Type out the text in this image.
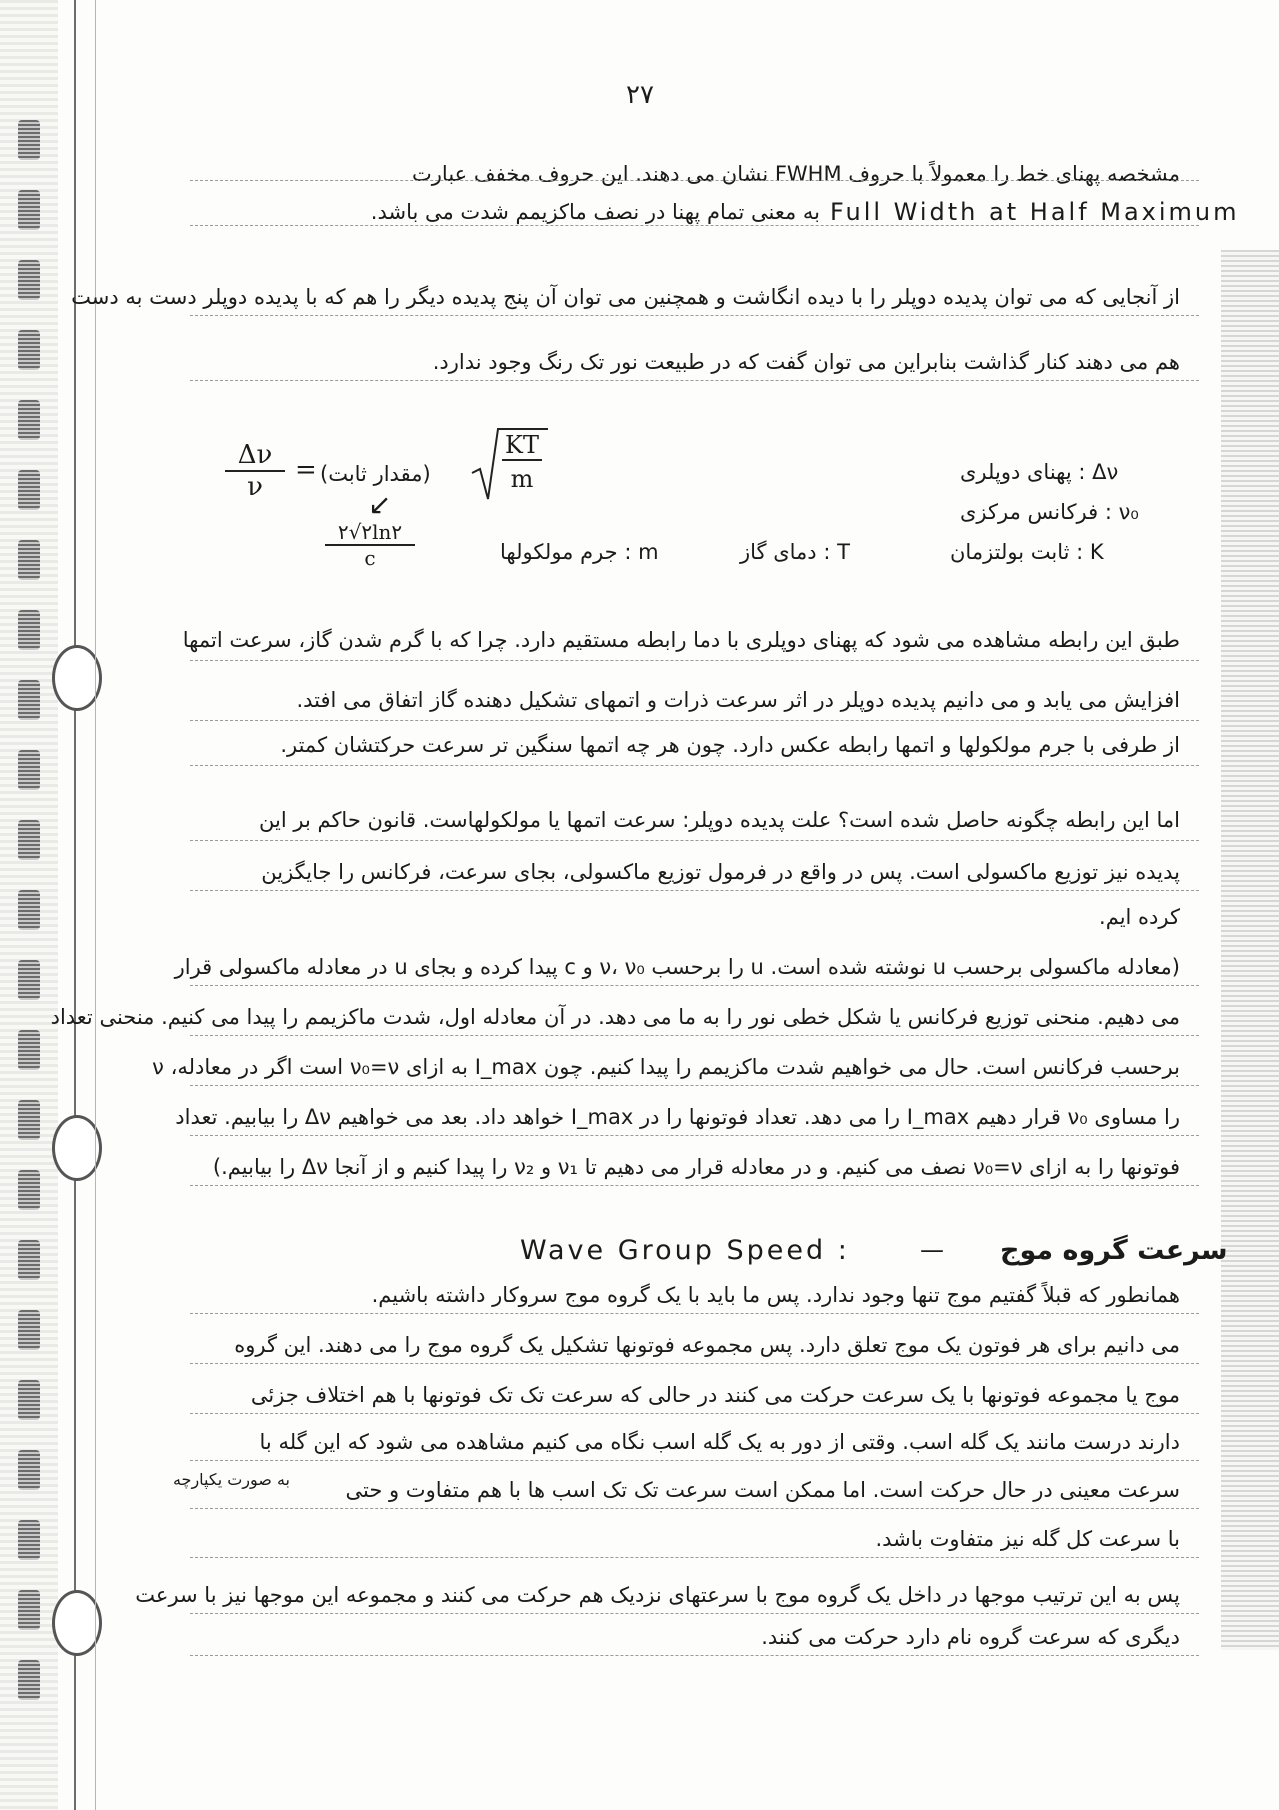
۲۷
مشخصه پهنای خط را معمولاً با حروف FWHM نشان می دهند. این حروف مخفف عبارت
Full Width at Half Maximum
به معنی تمام پهنا در نصف ماکزیمم شدت می باشد.
از آنجایی که می توان پدیده دوپلر را با دیده انگاشت و همچنین می توان آن پنج پدیده دیگر را هم که با پدیده دوپلر دست به دست
هم می دهند کنار گذاشت بنابراین می توان گفت که در طبیعت نور تک رنگ وجود ندارد.
$\frac{\Delta\nu}{\nu}$ = (مقدار ثابت) $\frac{KT}{m}$
↙
$\frac{۲√۲\ln ۲}{c}$
Δν : پهنای دوپلری
ν₀ : فرکانس مرکزی
K : ثابت بولتزمان
T : دمای گاز
m : جرم مولکولها
طبق این رابطه مشاهده می شود که پهنای دوپلری با دما رابطه مستقیم دارد. چرا که با گرم شدن گاز، سرعت اتمها
افزایش می یابد و می دانیم پدیده دوپلر در اثر سرعت ذرات و اتمهای تشکیل دهنده گاز اتفاق می افتد.
از طرفی با جرم مولکولها و اتمها رابطه عکس دارد. چون هر چه اتمها سنگین تر سرعت حرکتشان کمتر.
اما این رابطه چگونه حاصل شده است؟ علت پدیده دوپلر: سرعت اتمها یا مولکولهاست. قانون حاکم بر این
پدیده نیز توزیع ماکسولی است. پس در واقع در فرمول توزیع ماکسولی، بجای سرعت، فرکانس را جایگزین
کرده ایم.
(معادله ماکسولی برحسب u نوشته شده است. u را برحسب ν، ν₀ و c پیدا کرده و بجای u در معادله ماکسولی قرار
می دهیم. منحنی توزیع فرکانس یا شکل خطی نور را به ما می دهد. در آن معادله اول، شدت ماکزیمم را پیدا می کنیم. منحنی تعداد
برحسب فرکانس است. حال می خواهیم شدت ماکزیمم را پیدا کنیم. چون I_max به ازای ν₀=ν است اگر در معادله، ν
را مساوی ν₀ قرار دهیم I_max را می دهد. تعداد فوتونها را در I_max خواهد داد. بعد می خواهیم Δν را بیابیم. تعداد
فوتونها را به ازای ν₀=ν نصف می کنیم. و در معادله قرار می دهیم تا ν₁ و ν₂ را پیدا کنیم و از آنجا Δν را بیابیم.)
سرعت گروه موج
—
Wave Group Speed :
همانطور که قبلاً گفتیم موج تنها وجود ندارد. پس ما باید با یک گروه موج سروکار داشته باشیم.
می دانیم برای هر فوتون یک موج تعلق دارد. پس مجموعه فوتونها تشکیل یک گروه موج را می دهند. این گروه
موج یا مجموعه فوتونها با یک سرعت حرکت می کنند در حالی که سرعت تک تک فوتونها با هم اختلاف جزئی
دارند درست مانند یک گله اسب. وقتی از دور به یک گله اسب نگاه می کنیم مشاهده می شود که این گله با
سرعت معینی در حال حرکت است. اما ممکن است سرعت تک تک اسب ها با هم متفاوت و حتی
به صورت یکپارچه
با سرعت کل گله نیز متفاوت باشد.
پس به این ترتیب موجها در داخل یک گروه موج با سرعتهای نزدیک هم حرکت می کنند و مجموعه این موجها نیز با سرعت
دیگری که سرعت گروه نام دارد حرکت می کنند.
